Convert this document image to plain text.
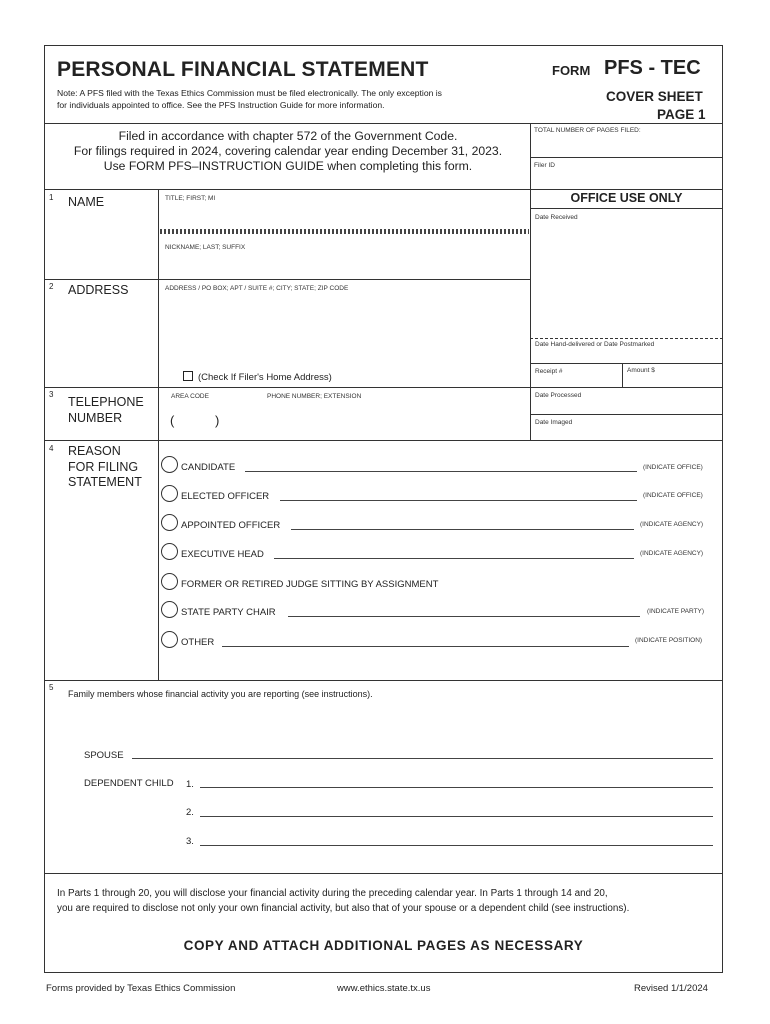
PERSONAL FINANCIAL STATEMENT
Note: A PFS filed with the Texas Ethics Commission must be filed electronically. The only exception is
for individuals appointed to office. See the PFS Instruction Guide for more information.
FORM PFS - TEC
COVER SHEET
PAGE 1
Filed in accordance with chapter 572 of the Government Code.
For filings required in 2024, covering calendar year ending December 31, 2023.
Use FORM PFS–INSTRUCTION GUIDE when completing this form.
TOTAL NUMBER OF PAGES FILED:
Filer ID
OFFICE USE ONLY
Date Received
Date Hand-delivered or Date Postmarked
Receipt #	Amount $
Date Processed
Date Imaged
1 NAME	TITLE; FIRST; MI
NICKNAME; LAST; SUFFIX
2 ADDRESS	ADDRESS / PO BOX; APT / SUITE #; CITY; STATE; ZIP CODE
(Check If Filer's Home Address)
3
TELEPHONE
NUMBER
AREA CODE	PHONE NUMBER; EXTENSION
(	)
4 REASON
FOR FILING
STATEMENT
CANDIDATE	(INDICATE OFFICE)
ELECTED OFFICER	(INDICATE OFFICE)
APPOINTED OFFICER	(INDICATE AGENCY)
EXECUTIVE HEAD	(INDICATE AGENCY)
FORMER OR RETIRED JUDGE SITTING BY ASSIGNMENT
STATE PARTY CHAIR	(INDICATE PARTY)
OTHER	(INDICATE POSITION)
5
Family members whose financial activity you are reporting (see instructions).
SPOUSE
DEPENDENT CHILD 1.
2.
3.
In Parts 1 through 20, you will disclose your financial activity during the preceding calendar year. In Parts 1 through 14 and 20,
you are required to disclose not only your own financial activity, but also that of your spouse or a dependent child (see instructions).
COPY AND ATTACH ADDITIONAL PAGES AS NECESSARY
Forms provided by Texas Ethics Commission	www.ethics.state.tx.us	Revised 1/1/2024
